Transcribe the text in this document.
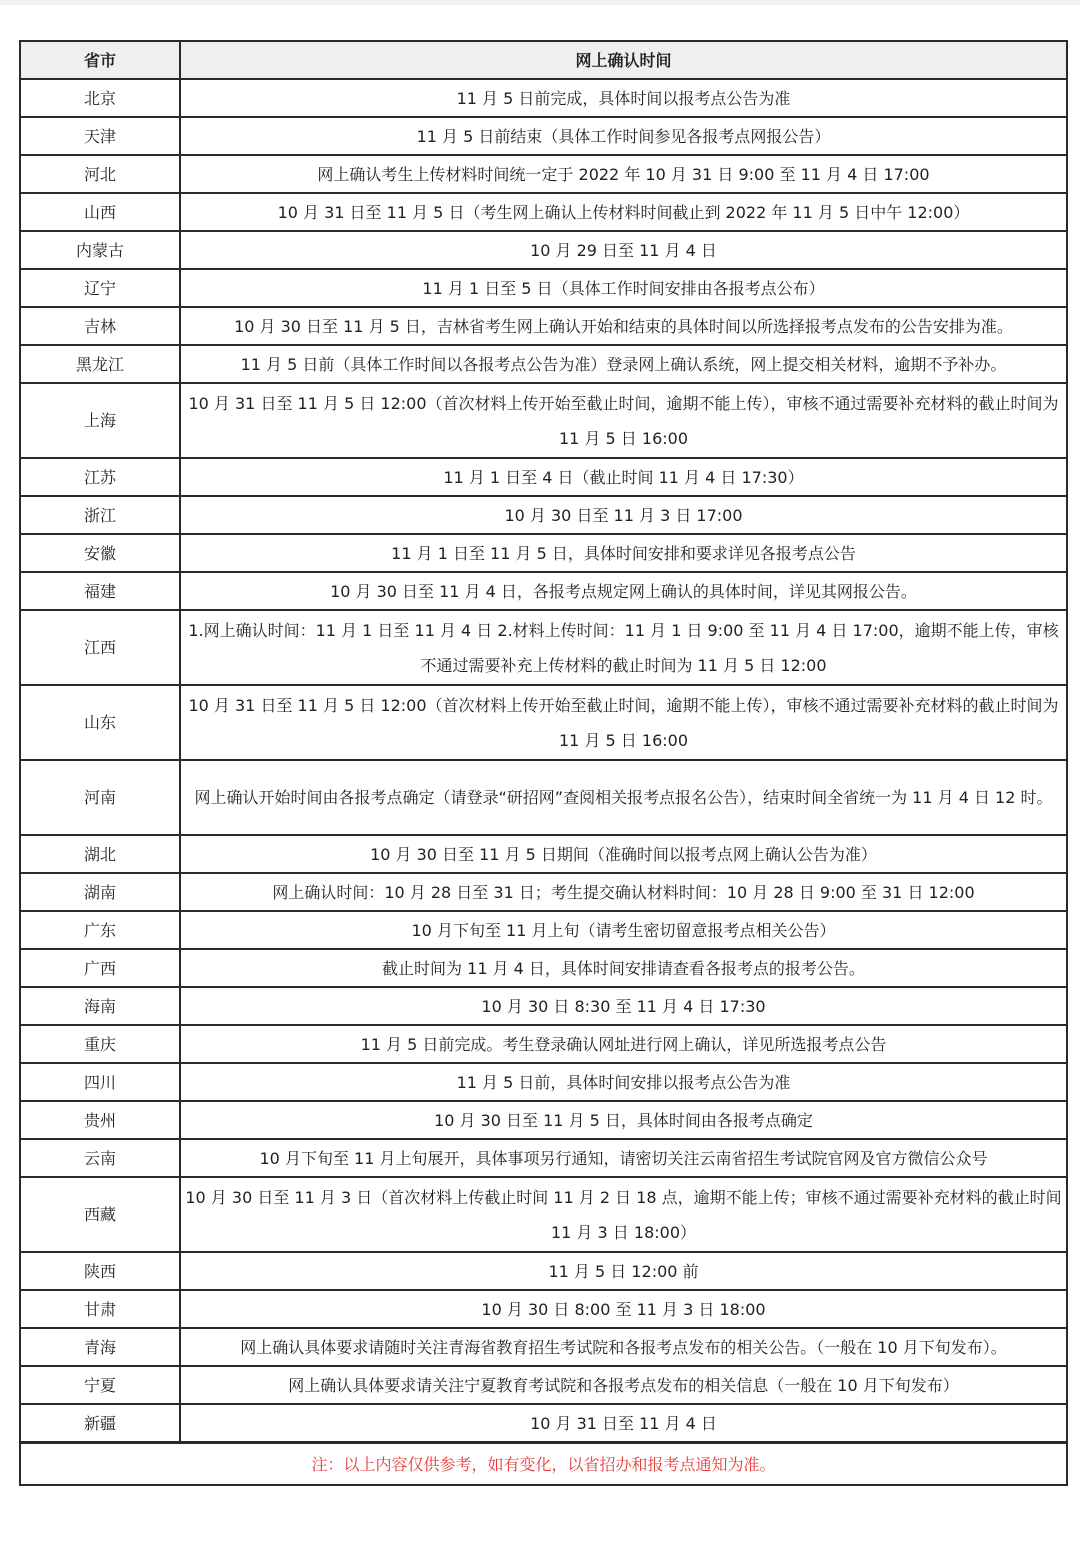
省市	网上确认时间
北京	11 月 5 日前完成，具体时间以报考点公告为准
天津	11 月 5 日前结束（具体工作时间参见各报考点网报公告）
河北	网上确认考生上传材料时间统一定于 2022 年 10 月 31 日 9:00 至 11 月 4 日 17:00
山西	10 月 31 日至 11 月 5 日（考生网上确认上传材料时间截止到 2022 年 11 月 5 日中午 12:00）
内蒙古	10 月 29 日至 11 月 4 日
辽宁	11 月 1 日至 5 日（具体工作时间安排由各报考点公布）
吉林	10 月 30 日至 11 月 5 日，吉林省考生网上确认开始和结束的具体时间以所选择报考点发布的公告安排为准。
黑龙江	11 月 5 日前（具体工作时间以各报考点公告为准）登录网上确认系统，网上提交相关材料，逾期不予补办。
上海	10 月 31 日至 11 月 5 日 12:00（首次材料上传开始至截止时间，逾期不能上传），审核不通过需要补充材料的截止时间为 11 月 5 日 16:00
江苏	11 月 1 日至 4 日（截止时间 11 月 4 日 17:30）
浙江	10 月 30 日至 11 月 3 日 17:00
安徽	11 月 1 日至 11 月 5 日，具体时间安排和要求详见各报考点公告
福建	10 月 30 日至 11 月 4 日，各报考点规定网上确认的具体时间，详见其网报公告。
江西	1.网上确认时间：11 月 1 日至 11 月 4 日 2.材料上传时间：11 月 1 日 9:00 至 11 月 4 日 17:00，逾期不能上传，审核不通过需要补充上传材料的截止时间为 11 月 5 日 12:00
山东	10 月 31 日至 11 月 5 日 12:00（首次材料上传开始至截止时间，逾期不能上传），审核不通过需要补充材料的截止时间为 11 月 5 日 16:00
河南	网上确认开始时间由各报考点确定（请登录“研招网”查阅相关报考点报名公告），结束时间全省统一为 11 月 4 日 12 时。
湖北	10 月 30 日至 11 月 5 日期间（准确时间以报考点网上确认公告为准）
湖南	网上确认时间：10 月 28 日至 31 日；考生提交确认材料时间：10 月 28 日 9:00 至 31 日 12:00
广东	10 月下旬至 11 月上旬（请考生密切留意报考点相关公告）
广西	截止时间为 11 月 4 日，具体时间安排请查看各报考点的报考公告。
海南	10 月 30 日 8:30 至 11 月 4 日 17:30
重庆	11 月 5 日前完成。考生登录确认网址进行网上确认，详见所选报考点公告
四川	11 月 5 日前，具体时间安排以报考点公告为准
贵州	10 月 30 日至 11 月 5 日，具体时间由各报考点确定
云南	10 月下旬至 11 月上旬展开，具体事项另行通知，请密切关注云南省招生考试院官网及官方微信公众号
西藏	10 月 30 日至 11 月 3 日（首次材料上传截止时间 11 月 2 日 18 点，逾期不能上传；审核不通过需要补充材料的截止时间 11 月 3 日 18:00）
陕西	11 月 5 日 12:00 前
甘肃	10 月 30 日 8:00 至 11 月 3 日 18:00
青海	网上确认具体要求请随时关注青海省教育招生考试院和各报考点发布的相关公告。（一般在 10 月下旬发布）。
宁夏	网上确认具体要求请关注宁夏教育考试院和各报考点发布的相关信息（一般在 10 月下旬发布）
新疆	10 月 31 日至 11 月 4 日
注：以上内容仅供参考，如有变化，以省招办和报考点通知为准。	
